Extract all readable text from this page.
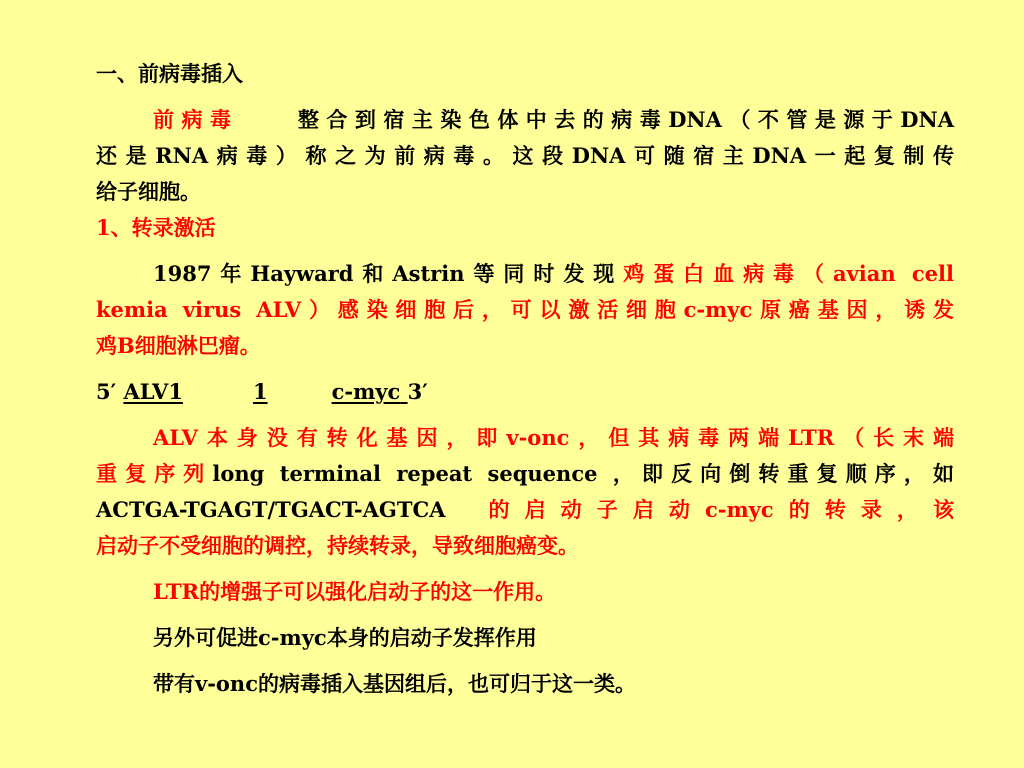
一、前病毒插入
前病毒 整合到宿主染色体中去的病毒DNA（不管是源于DNA
还是RNA病毒）称之为前病毒。这段DNA可随宿主DNA一起复制传
给子细胞。
1、转录激活
1987年Hayward和Astrin等同时发现鸡蛋白血病毒（avian cell
kemia virus ALV）感染细胞后，可以激活细胞c-myc原癌基因，诱发
鸡B细胞淋巴瘤。
5′ ALV1	1	c-myc 3′
ALV本身没有转化基因，即v-onc，但其病毒两端LTR（长末端
重复序列long terminal repeat sequence ，即反向倒转重复顺序，如
ACTGA-TGAGT/TGACT-AGTCA 的启动子启动c-myc的转录，该
启动子不受细胞的调控，持续转录，导致细胞癌变。
LTR的增强子可以强化启动子的这一作用。
另外可促进c-myc本身的启动子发挥作用
带有v-onc的病毒插入基因组后，也可归于这一类。
